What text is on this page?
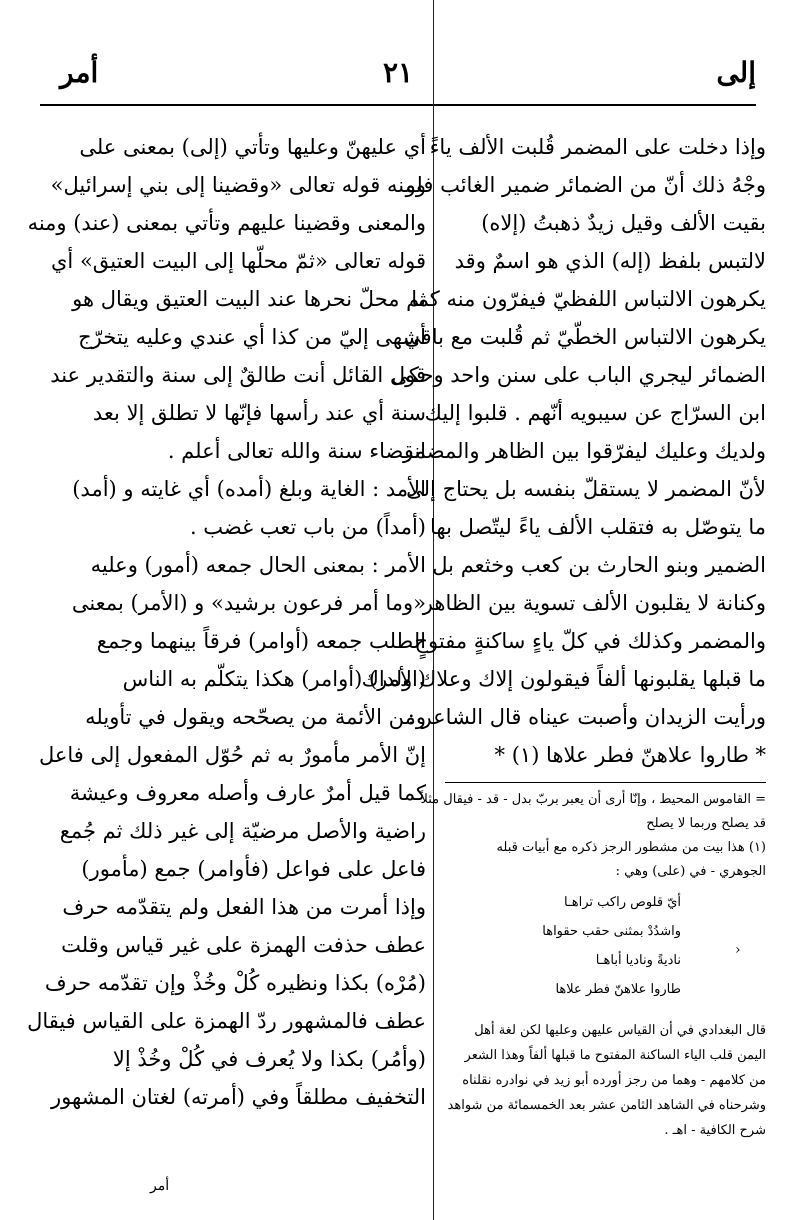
إلى
٢١
أمر
وإذا دخلت على المضمر قُلبت الألف ياءً
وجْهُ ذلك أنّ من الضمائر ضمير الغائب فلو
بقيت الألف وقيل زيدٌ ذهبتُ (إلاه)
لالتبس بلفظ (إله) الذي هو اسمٌ وقد
يكرهون الالتباس اللفظيّ فيفرّون منه كما
يكرهون الالتباس الخطّيّ ثم قُلبت مع باقي
الضمائر ليجري الباب على سنن واحد وحكى
ابن السرّاج عن سيبويه أنّهم . قلبوا إليك
ولديك وعليك ليفرّقوا بين الظاهر والمضمر
لأنّ المضمر لا يستقلّ بنفسه بل يحتاج إلى
ما يتوصّل به فتقلب الألف ياءً ليتّصل بها
الضمير وبنو الحارث بن كعب وخثعم بل
وكنانة لا يقلبون الألف تسوية بين الظاهر
والمضمر وكذلك في كلّ ياءٍ ساكنةٍ مفتوحٍ
ما قبلها يقلبونها ألفاً فيقولون إلاك وعلاك ولداك
ورأيت الزيدان وأصبت عيناه قال الشاعر :
* طاروا علاهنّ فطر علاها (١) *
= القاموس المحيط ، وإنّا أرى أن يعبر بربّ بدل - قد - فيقال مثلاً
قد يصلح وربما لا يصلح
(١) هذا بيت من مشطور الرجز ذكره مع أبيات قبله
الجوهري - في (على) وهي :
أيّ قلوص راكب تراهـا
واشدُدْ بمثنى حقب حقواها
ناديةً وناديا أباهـا
طاروا علاهنّ فطر علاها
قال البغدادي في أن القياس عليهن وعليها لكن لغة أهل
اليمن قلب الياء الساكنة المفتوح ما قبلها ألفاً وهذا الشعر
من كلامهم - وهما من رجز أورده أبو زيد في نوادره نقلناه
وشرحناه في الشاهد الثامن عشر بعد الخمسمائة من شواهد
شرح الكافية - اهـ .
أي عليهنّ وعليها وتأتي (إلى) بمعنى على
ومنه قوله تعالى «وقضينا إلى بني إسرائيل»
والمعنى وقضينا عليهم وتأتي بمعنى (عند) ومنه
قوله تعالى «ثمّ محلّها إلى البيت العتيق» أي
ثم محلّ نحرها عند البيت العتيق ويقال هو
أشهى إليّ من كذا أي عندي وعليه يتخرّج
قول القائل أنت طالقٌ إلى سنة والتقدير عند
سنة أي عند رأسها فإنّها لا تطلق إلا بعد
انقضاء سنة والله تعالى أعلم .
الأمد : الغاية وبلغ (أمده) أي غايته و (أمد)
(أمداً) من باب تعب غضب .
الأمر : بمعنى الحال جمعه (أمور) وعليه
«وما أمر فرعون برشيد» و (الأمر) بمعنى
الطلب جمعه (أوامر) فرقاً بينهما وجمع
(الأمر) (أوامر) هكذا يتكلّم به الناس
ومن الأئمة من يصحّحه ويقول في تأويله
إنّ الأمر مأمورٌ به ثم حُوّل المفعول إلى فاعل
كما قيل أمرٌ عارف وأصله معروف وعيشة
راضية والأصل مرضيّة إلى غير ذلك ثم جُمع
فاعل على فواعل (فأوامر) جمع (مأمور)
وإذا أمرت من هذا الفعل ولم يتقدّمه حرف
عطف حذفت الهمزة على غير قياس وقلت
(مُرْه) بكذا ونظيره كُلْ وخُذْ وإن تقدّمه حرف
عطف فالمشهور ردّ الهمزة على القياس فيقال
(وأمُر) بكذا ولا يُعرف في كُلْ وخُذْ إلا
التخفيف مطلقاً وفي (أمرته) لغتان المشهور
أمر
›
